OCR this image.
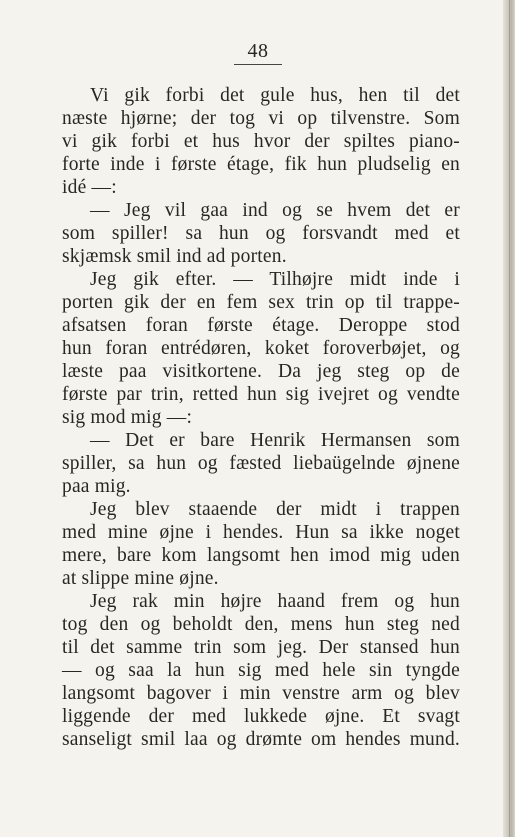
48
Vi gik forbi det gule hus, hen til det
næste hjørne; der tog vi op tilvenstre. Som
vi gik forbi et hus hvor der spiltes piano-
forte inde i første étage, fik hun pludselig en
idé —:
— Jeg vil gaa ind og se hvem det er
som spiller! sa hun og forsvandt med et
skjæmsk smil ind ad porten.
Jeg gik efter. — Tilhøjre midt inde i
porten gik der en fem sex trin op til trappe-
afsatsen foran første étage. Deroppe stod
hun foran entrédøren, koket foroverbøjet, og
læste paa visitkortene. Da jeg steg op de
første par trin, retted hun sig ivejret og vendte
sig mod mig —:
— Det er bare Henrik Hermansen som
spiller, sa hun og fæsted liebaügelnde øjnene
paa mig.
Jeg blev staaende der midt i trappen
med mine øjne i hendes. Hun sa ikke noget
mere, bare kom langsomt hen imod mig uden
at slippe mine øjne.
Jeg rak min højre haand frem og hun
tog den og beholdt den, mens hun steg ned
til det samme trin som jeg. Der stansed hun
— og saa la hun sig med hele sin tyngde
langsomt bagover i min venstre arm og blev
liggende der med lukkede øjne. Et svagt
sanseligt smil laa og drømte om hendes mund.
